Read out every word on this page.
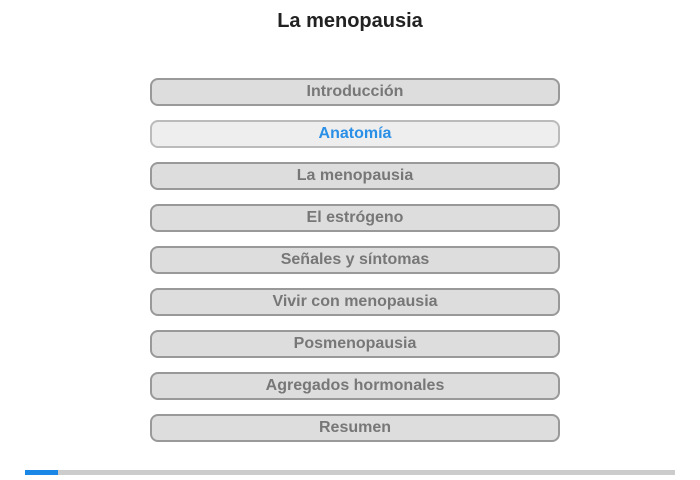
La menopausia
Introducción
Anatomía
La menopausia
El estrógeno
Señales y síntomas
Vivir con menopausia
Posmenopausia
Agregados hormonales
Resumen
